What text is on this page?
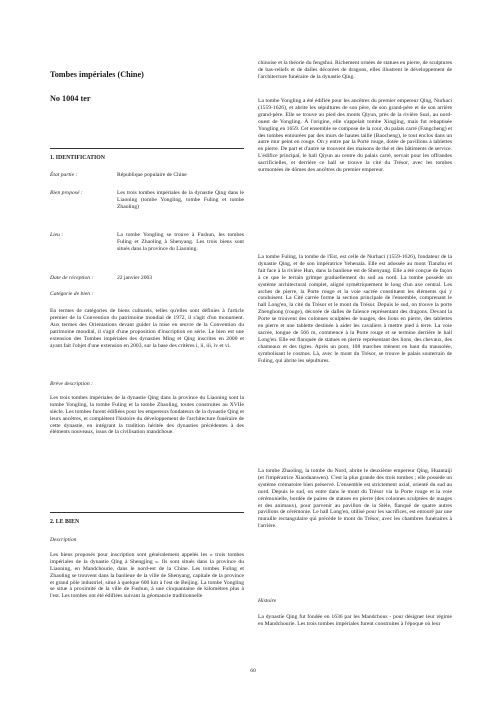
Tombes impériales (Chine)

No 1004 ter

1. IDENTIFICATION
État partie :	République populaire de Chine
Bien proposé :	Les trois tombes impériales de la dynastie Qing dans le Liaoning (tombe Yongling, tombe Fuling et tombe Zhaoling)
Lieu :	La tombe Yongling se trouve à Fushun, les tombes Fuling et Zhaoling à Shenyang. Les trois biens sont situés dans la province du Liaoning.
Date de réception :	22 janvier 2003
Catégorie de bien :

En termes de catégories de biens culturels, telles qu'elles sont définies à l'article premier de la Convention du patrimoine mondial de 1972, il s'agit d'un monument. Aux termes des Orientations devant guider la mise en œuvre de la Convention du patrimoine mondial, il s'agit d'une proposition d'inscription en série. Le bien est une extension des Tombes impériales des dynasties Ming et Qing inscrites en 2000 et ayant fait l'objet d'une extension en 2003, sur la base des critères i, ii, iii, iv et vi.

Brève description :

Les trois tombes impériales de la dynastie Qing dans la province du Liaoning sont la tombe Yongling, la tombe Fuling et la tombe Zhaoling, toutes construites au XVIIe siècle. Les tombes furent édifiées pour les empereurs fondateurs de la dynastie Qing et leurs ancêtres, et complètent l'histoire du développement de l'architecture funéraire de cette dynastie, en intégrant la tradition héritée des dynasties précédentes à des éléments nouveaux, issus de la civilisation mandchoue.

2. LE BIEN

Description

Les biens proposés pour inscription sont généralement appelés les « trois tombes impériales de la dynastie Qing à Shengjing ». Ils sont situés dans la province du Liaoning, en Mandchourie, dans le nord-est de la Chine. Les tombes Fuling et Zhaoling se trouvent dans la banlieue de la ville de Shenyang, capitale de la province et grand pôle industriel, situé à quelque 600 km à l'est de Beijing. La tombe Yongling se situe à proximité de la ville de Fushun, à une cinquantaine de kilomètres plus à l'est. Les tombes ont été édifiées suivant la géomancie traditionnelle

chinoise et la théorie du fengshui. Richement ornées de statues en pierre, de sculptures de bas-reliefs et de dalles décorées de dragons, elles illustrent le développement de l'architecture funéraire de la dynastie Qing.

La tombe Yongling a été édifiée pour les ancêtres du premier empereur Qing, Nurhaci (1559-1626), et abrite les sépultures de son père, de son grand-père et de son arrière grand-père. Elle se trouve au pied des monts Qiyun, près de la rivière Suzi, au nord-ouest de Yongling. À l'origine, elle s'appelait tombe Xingjing, mais fut rebaptisée Yongling en 1659. Cet ensemble se compose de la cour, du palais carré (Fangcheng) et des tombes entourées par des murs de hautes taille (Baocheng), le tout enclos dans un autre mur peint en rouge. On y entre par la Porte rouge, dotée de pavillons à tablettes en pierre. De part et d'autre se trouvent des maisons de thé et des bâtiments de service. L'édifice principal, le hall Qiyun au centre du palais carré, servait pour les offrandes sacrificielles, et derrière ce hall se trouve la cité du Trésor, avec les tombes surmontées de dômes des ancêtres du premier empereur.

La tombe Fuling, la tombe de l'Est, est celle de Nurhaci (1559-1626), fondateur de la dynastie Qing, et de son impératrice Yehenala. Elle est adossée au mont Tianzhu et fait face à la rivière Hun, dans la banlieue est de Shenyang. Elle a été conçue de façon à ce que le terrain grimpe graduellement du sud au nord. La tombe possède un système architectural complet, aligné symétriquement le long d'un axe central. Les arches de pierre, la Porte rouge et la voie sacrée constituent les éléments qui y conduisent. La Cité carrée forme la section principale de l'ensemble, comprenant le hall Long'en, la cité du Trésor et le mont du Trésor. Depuis le sud, on trouve la porte Zhenghong (rouge), décorée de dalles de faïence représentant des dragons. Devant la Porte se trouvent des colonnes sculptées de nuages, des lions en pierre, des tablettes en pierre et une tablette destinée à aider les cavaliers à mettre pied à terre. La voie sacrée, longue de 566 m, commence à la Porte rouge et se termine derrière le hall Long'en. Elle est flanquée de statues en pierre représentant des lions, des chevaux, des chameaux et des tigres. Après un pont, 108 marches mènent en haut du mausolée, symbolisant le cosmos. Là, avec le mont du Trésor, se trouve le palais souterrain de Fuling, qui abrite les sépultures.

La tombe Zhaoling, la tombe du Nord, abrite le deuxième empereur Qing, Huantaiji (et l'impératrice Xiaoduanwen). C'est la plus grande des trois tombes ; elle possède un système crématoire bien préservé. L'ensemble est strictement axial, orienté du sud au nord. Depuis le sud, on entre dans le mont du Trésor via la Porte rouge et la voie cérémonielle, bordée de paires de statues en pierre (des colonnes sculptées de nuages et des animaux), pour parvenir au pavillon de la Stèle, flanqué de quatre autres pavillons de cérémonie. Le hall Long'en, utilisé pour les sacrifices, est entouré par une muraille rectangulaire qui précède le mont du Trésor, avec les chambres funéraires à l'arrière.

Histoire

La dynastie Qing fut fondée en 1636 par les Mandchous - pour désigner leur régime en Mandchourie. Les trois tombes impériales furent construites à l'époque où leur

60
